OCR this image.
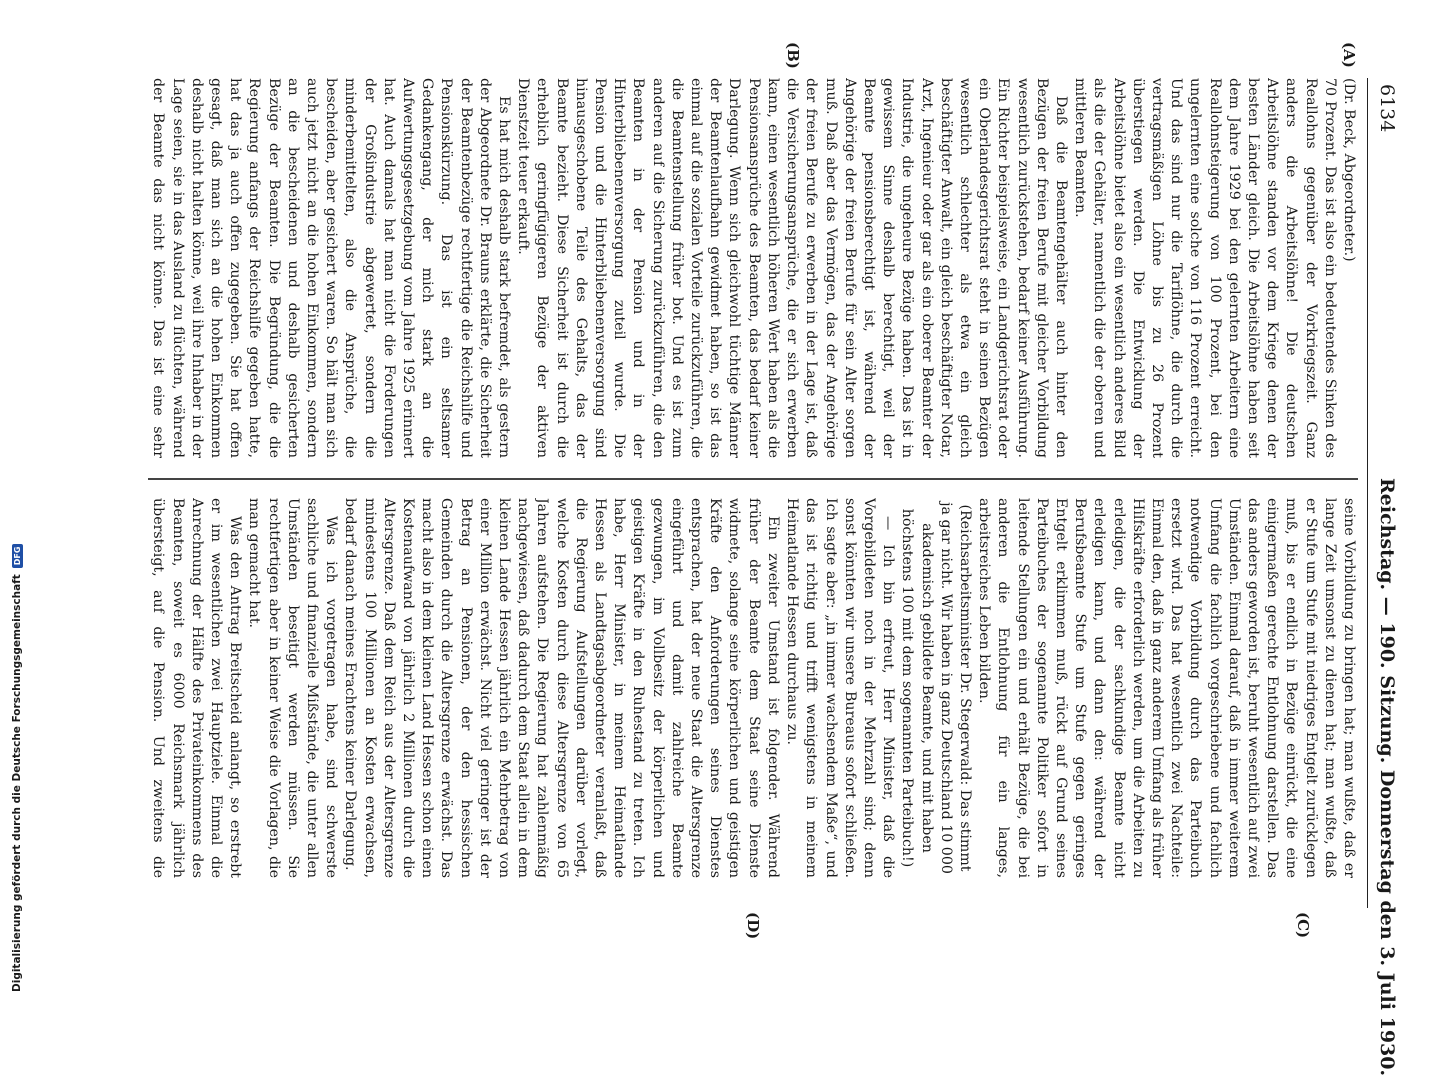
Digitalisierung gefördert durch die Deutsche Forschungsgemeinschaft
DFG
6134
Reichstag. — 190. Sitzung. Donnerstag den 3. Juli 1930.

(Dr. Beck, Abgeordneter.)

70 Prozent. Das ist also ein bedeutendes Sinken des Reallohns gegenüber der Vorkriegszeit. Ganz anders die Arbeitslöhne! Die deutschen Arbeitslöhne standen vor dem Kriege denen der besten Länder gleich. Die Arbeitslöhne haben seit dem Jahre 1929 bei den gelernten Arbeitern eine Reallohnsteigerung von 100 Prozent, bei den ungelernten eine solche von 116 Prozent erreicht. Und das sind nur die Tariflöhne, die durch die vertragsmäßigen Löhne bis zu 26 Prozent überstiegen werden. Die Entwicklung der Arbeitslöhne bietet also ein wesentlich anderes Bild als die der Gehälter, namentlich die der oberen und mittleren Beamten.

Daß die Beamtengehälter auch hinter den Bezügen der freien Berufe mit gleicher Vorbildung wesentlich zurückstehen, bedarf keiner Ausführung. Ein Richter beispielsweise, ein Landgerichtsrat oder ein Oberlandesgerichtsrat steht in seinen Bezügen wesentlich schlechter als etwa ein gleich beschäftigter Anwalt, ein gleich beschäftigter Notar, Arzt, Ingenieur oder gar als ein oberer Beamter der Industrie, die ungeheure Bezüge haben. Das ist in gewissem Sinne deshalb berechtigt, weil der Beamte pensionsberechtigt ist, während der Angehörige der freien Berufe für sein Alter sorgen muß. Daß aber das Vermögen, das der Angehörige der freien Berufe zu erwerben in der Lage ist, daß die Versicherungsansprüche, die er sich erwerben kann, einen wesentlich höheren Wert haben als die Pensionsansprüche des Beamten, das bedarf keiner Darlegung. Wenn sich gleichwohl tüchtige Männer der Beamtenlaufbahn gewidmet haben, so ist das einmal auf die sozialen Vorteile zurückzuführen, die die Beamtenstellung früher bot. Und es ist zum anderen auf die Sicherung zurückzuführen, die den Beamten in der Pension und in der Hinterbliebenenversorgung zuteil wurde. Die Pension und die Hinterbliebenenversorgung sind hinausgeschobene Teile des Gehalts, das der Beamte bezieht. Diese Sicherheit ist durch die erheblich geringfügigeren Bezüge der aktiven Dienstzeit teuer erkauft.

Es hat mich deshalb stark befremdet, als gestern der Abgeordnete Dr. Brauns erklärte, die Sicherheit der Beamtenbezüge rechtfertige die Reichshilfe und Pensionskürzung. Das ist ein seltsamer Gedankengang, der mich stark an die Aufwertungsgesetzgebung vom Jahre 1925 erinnert hat. Auch damals hat man nicht die Forderungen der Großindustrie abgewertet, sondern die minderbemittelten, also die Ansprüche, die bescheiden, aber gesichert waren. So hält man sich auch jetzt nicht an die hohen Einkommen, sondern an die bescheidenen und deshalb gesicherten Bezüge der Beamten. Die Begründung, die die Regierung anfangs der Reichshilfe gegeben hatte, hat das ja auch offen zugegeben. Sie hat offen gesagt, daß man sich an die hohen Einkommen deshalb nicht halten könne, weil ihre Inhaber in der Lage seien, sie in das Ausland zu flüchten, während der Beamte das nicht könne. Das ist eine sehr

seine Vorbildung zu bringen hat; man wußte, daß er lange Zeit umsonst zu dienen hat; man wußte, daß er Stufe um Stufe mit niedriges Entgelt zurücklegen muß, bis er endlich in Bezüge einrückt, die eine einigermaßen gerechte Entlohnung darstellen. Das das anders geworden ist, beruht wesentlich auf zwei Umständen. Einmal darauf, daß in immer weiterem Umfang die fachlich vorgeschriebene und fachlich notwendige Vorbildung durch das Parteibuch ersetzt wird. Das hat wesentlich zwei Nachteile: Einmal den, daß in ganz anderem Umfang als früher Hilfskräfte erforderlich werden, um die Arbeiten zu erledigen, die der sachkundige Beamte nicht erledigen kann, und dann den: während der Berufsbeamte Stufe um Stufe gegen geringes Entgelt erklimmen muß, rückt auf Grund seines Parteibuches der sogenannte Politiker sofort in leitende Stellungen ein und erhält Bezüge, die bei anderen die Entlohnung für ein langes, arbeitsreiches Leben bilden.

(Reichsarbeitsminister Dr. Stegerwald: Das stimmt ja gar nicht. Wir haben in ganz Deutschland 10 000 akademisch gebildete Beamte, und mit haben höchstens 100 mit dem sogenannten Parteibuch!)

— Ich bin erfreut, Herr Minister, daß die Vorgebildeten noch in der Mehrzahl sind; denn sonst könnten wir unsere Bureaus sofort schließen. Ich sagte aber: „in immer wachsendem Maße“, und das ist richtig und trifft wenigstens in meinem Heimatlande Hessen durchaus zu.

Ein zweiter Umstand ist folgender. Während früher der Beamte dem Staat seine Dienste widmete, solange seine körperlichen und geistigen Kräfte den Anforderungen seines Dienstes entsprachen, hat der neue Staat die Altersgrenze eingeführt und damit zahlreiche Beamte gezwungen, im Vollbesitz der körperlichen und geistigen Kräfte in den Ruhestand zu treten. Ich habe, Herr Minister, in meinem Heimatlande Hessen als Landtagsabgeordneter veranlaßt, daß die Regierung Aufstellungen darüber vorlegt, welche Kosten durch diese Altersgrenze von 65 Jahren aufstehen. Die Regierung hat zahlenmäßig nachgewiesen, daß dadurch dem Staat allein in dem kleinen Lande Hessen jährlich ein Mehrbetrag von einer Million erwächst. Nicht viel geringer ist der Betrag an Pensionen, der den hessischen Gemeinden durch die Altersgrenze erwächst. Das macht also in dem kleinen Land Hessen schon einen Kostenaufwand von jährlich 2 Millionen durch die Altersgrenze. Daß dem Reich aus der Altersgrenze mindestens 100 Millionen an Kosten erwachsen, bedarf danach meines Erachtens keiner Darlegung.

Was ich vorgetragen habe, sind schwerste sachliche und finanzielle Mißstände, die unter allen Umständen beseitigt werden müssen. Sie rechtfertigen aber in keiner Weise die Vorlagen, die man gemacht hat.

Was den Antrag Breitscheid anlangt, so erstrebt er im wesentlichen zwei Hauptziele. Einmal die Anrechnung der Hälfte des Privateinkommens des Beamten, soweit es 6000 Reichsmark jährlich übersteigt, auf die Pension. Und zweitens die

(A)
(B)
(C)
(D)
